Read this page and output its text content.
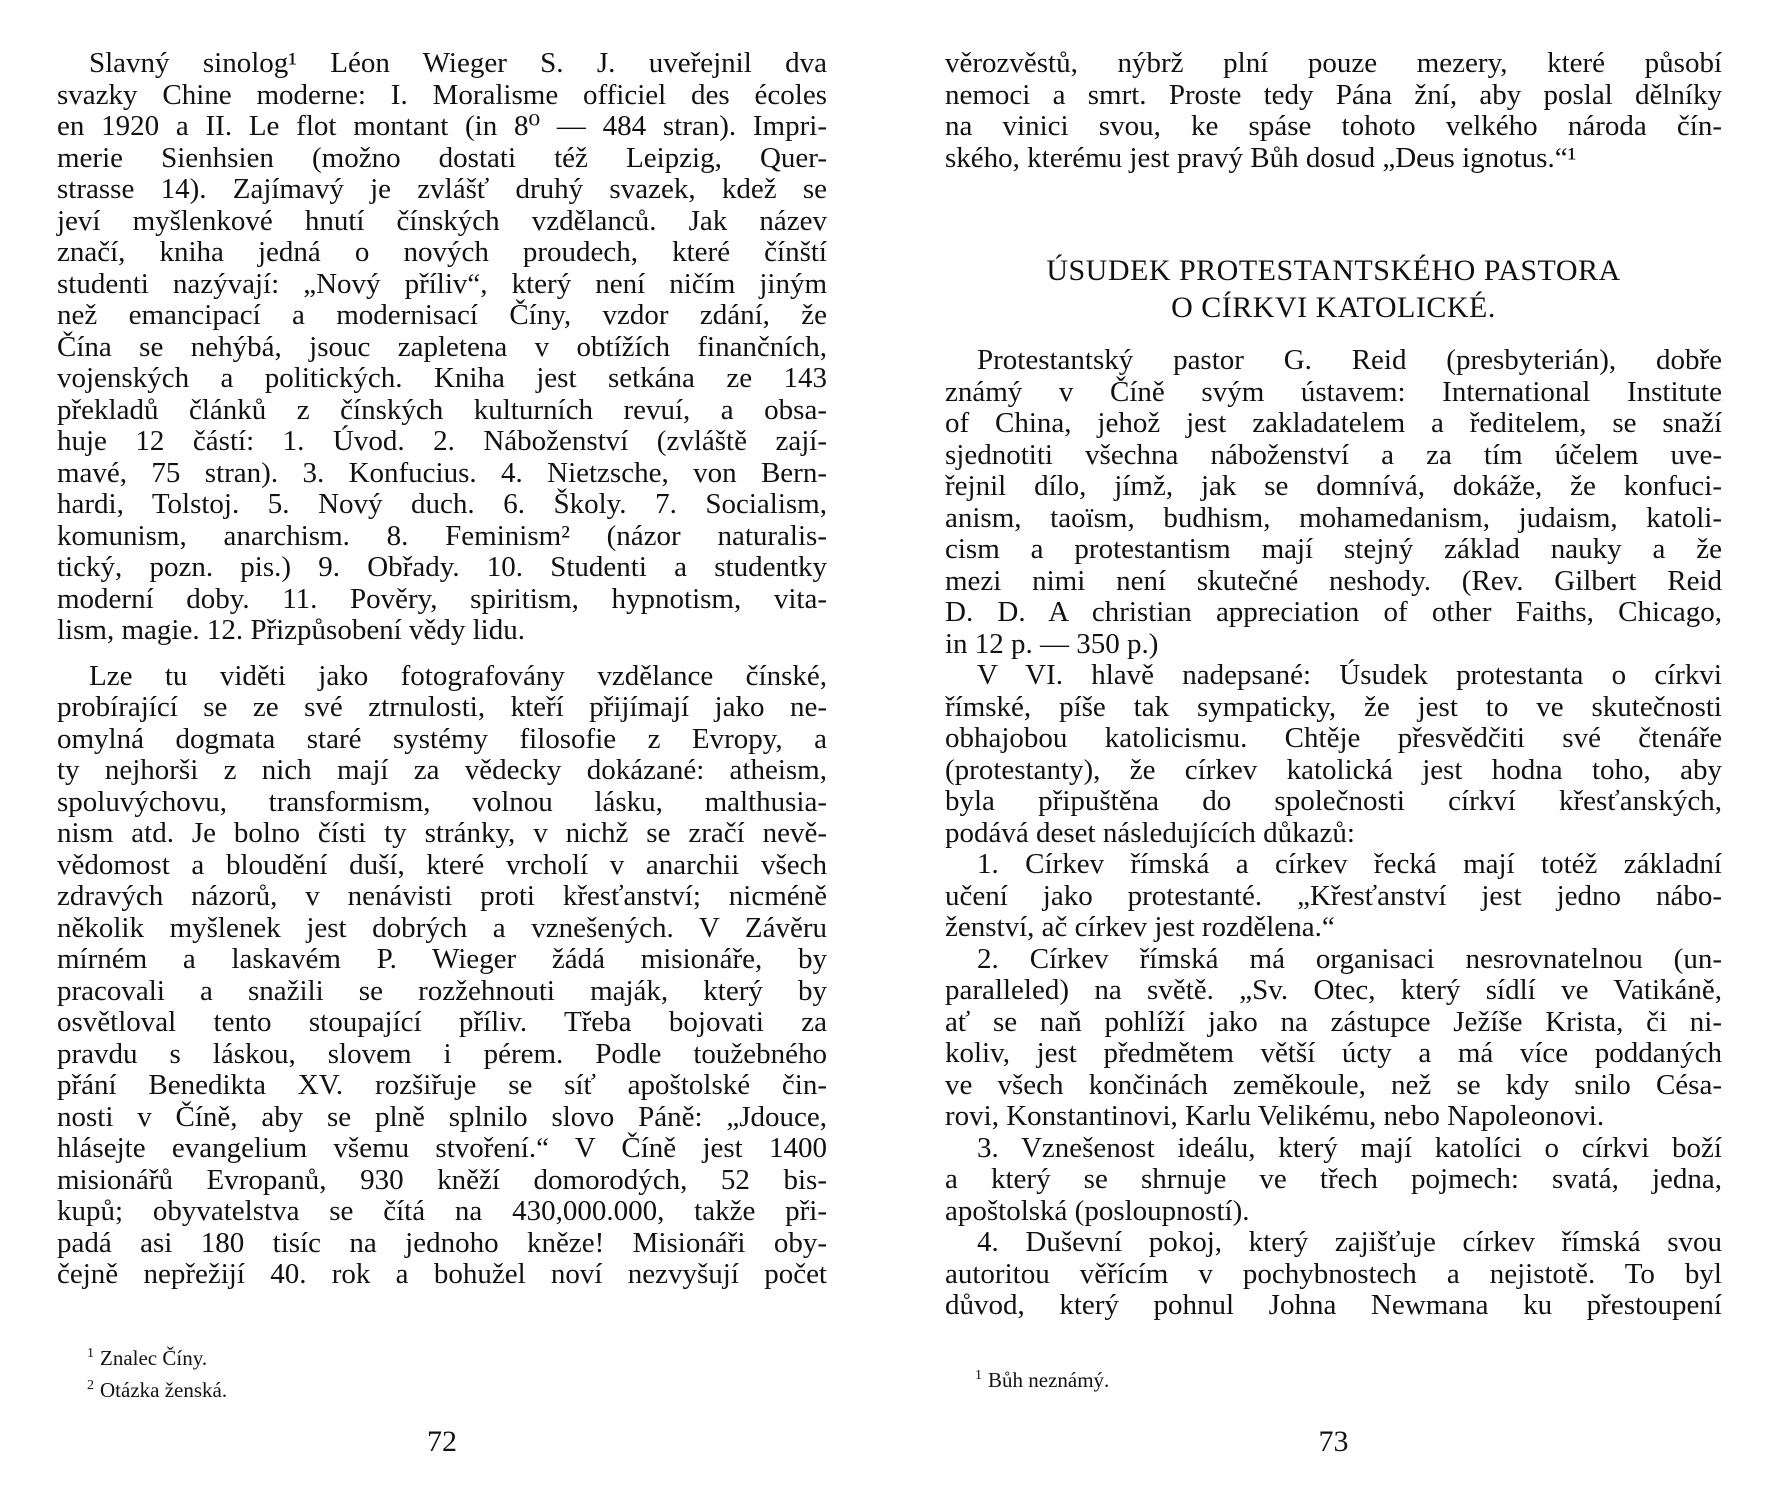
Slavný sinolog¹ Léon Wieger S. J. uveřejnil dva
svazky Chine moderne: I. Moralisme officiel des écoles
en 1920 a II. Le flot montant (in 8⁰ — 484 stran). Impri-
merie Sienhsien (možno dostati též Leipzig, Quer-
strasse 14). Zajímavý je zvlášť druhý svazek, kdež se
jeví myšlenkové hnutí čínských vzdělanců. Jak název
značí, kniha jedná o nových proudech, které čínští
studenti nazývají: „Nový příliv“, který není ničím jiným
než emancipací a modernisací Číny, vzdor zdání, že
Čína se nehýbá, jsouc zapletena v obtížích finančních,
vojenských a politických. Kniha jest setkána ze 143
překladů článků z čínských kulturních revuí, a obsa-
huje 12 částí: 1. Úvod. 2. Náboženství (zvláště zají-
mavé, 75 stran). 3. Konfucius. 4. Nietzsche, von Bern-
hardi, Tolstoj. 5. Nový duch. 6. Školy. 7. Socialism,
komunism, anarchism. 8. Feminism² (názor naturalis-
tický, pozn. pis.) 9. Obřady. 10. Studenti a studentky
moderní doby. 11. Pověry, spiritism, hypnotism, vita-
lism, magie. 12. Přizpůsobení vědy lidu.
Lze tu viděti jako fotografovány vzdělance čínské,
probírající se ze své ztrnulosti, kteří přijímají jako ne-
omylná dogmata staré systémy filosofie z Evropy, a
ty nejhorši z nich mají za vědecky dokázané: atheism,
spoluvýchovu, transformism, volnou lásku, malthusia-
nism atd. Je bolno čísti ty stránky, v nichž se zračí nevě-
vědomost a bloudění duší, které vrcholí v anarchii všech
zdravých názorů, v nenávisti proti křesťanství; nicméně
několik myšlenek jest dobrých a vznešených. V Závěru
mírném a laskavém P. Wieger žádá misionáře, by
pracovali a snažili se rozžehnouti maják, který by
osvětloval tento stoupající příliv. Třeba bojovati za
pravdu s láskou, slovem i pérem. Podle toužebného
přání Benedikta XV. rozšiřuje se síť apoštolské čin-
nosti v Číně, aby se plně splnilo slovo Páně: „Jdouce,
hlásejte evangelium všemu stvoření.“ V Číně jest 1400
misionářů Evropanů, 930 kněží domorodých, 52 bis-
kupů; obyvatelstva se čítá na 430,000.000, takže při-
padá asi 180 tisíc na jednoho kněze! Misionáři oby-
čejně nepřežijí 40. rok a bohužel noví nezvyšují počet
$^1$ Znalec Číny.
$^2$ Otázka ženská.
72
věrozvěstů, nýbrž plní pouze mezery, které působí
nemoci a smrt. Proste tedy Pána žní, aby poslal dělníky
na vinici svou, ke spáse tohoto velkého národa čín-
ského, kterému jest pravý Bůh dosud „Deus ignotus.“¹
ÚSUDEK PROTESTANTSKÉHO PASTORA
O CÍRKVI KATOLICKÉ.
Protestantský pastor G. Reid (presbyterián), dobře
známý v Číně svým ústavem: International Institute
of China, jehož jest zakladatelem a ředitelem, se snaží
sjednotiti všechna náboženství a za tím účelem uve-
řejnil dílo, jímž, jak se domnívá, dokáže, že konfuci-
anism, taoïsm, budhism, mohamedanism, judaism, katoli-
cism a protestantism mají stejný základ nauky a že
mezi nimi není skutečné neshody. (Rev. Gilbert Reid
D. D. A christian appreciation of other Faiths, Chicago,
in 12 p. — 350 p.)
V VI. hlavě nadepsané: Úsudek protestanta o církvi
římské, píše tak sympaticky, že jest to ve skutečnosti
obhajobou katolicismu. Chtěje přesvědčiti své čtenáře
(protestanty), že církev katolická jest hodna toho, aby
byla připuštěna do společnosti církví křesťanských,
podává deset následujících důkazů:
1. Církev římská a církev řecká mají totéž základní
učení jako protestanté. „Křesťanství jest jedno nábo-
ženství, ač církev jest rozdělena.“
2. Církev římská má organisaci nesrovnatelnou (un-
paralleled) na světě. „Sv. Otec, který sídlí ve Vatikáně,
ať se naň pohlíží jako na zástupce Ježíše Krista, či ni-
koliv, jest předmětem větší úcty a má více poddaných
ve všech končinách zeměkoule, než se kdy snilo Césa-
rovi, Konstantinovi, Karlu Velikému, nebo Napoleonovi.
3. Vznešenost ideálu, který mají katolíci o církvi boží
a který se shrnuje ve třech pojmech: svatá, jedna,
apoštolská (posloupností).
4. Duševní pokoj, který zajišťuje církev římská svou
autoritou věřícím v pochybnostech a nejistotě. To byl
důvod, který pohnul Johna Newmana ku přestoupení
$^1$ Bůh neznámý.
73
